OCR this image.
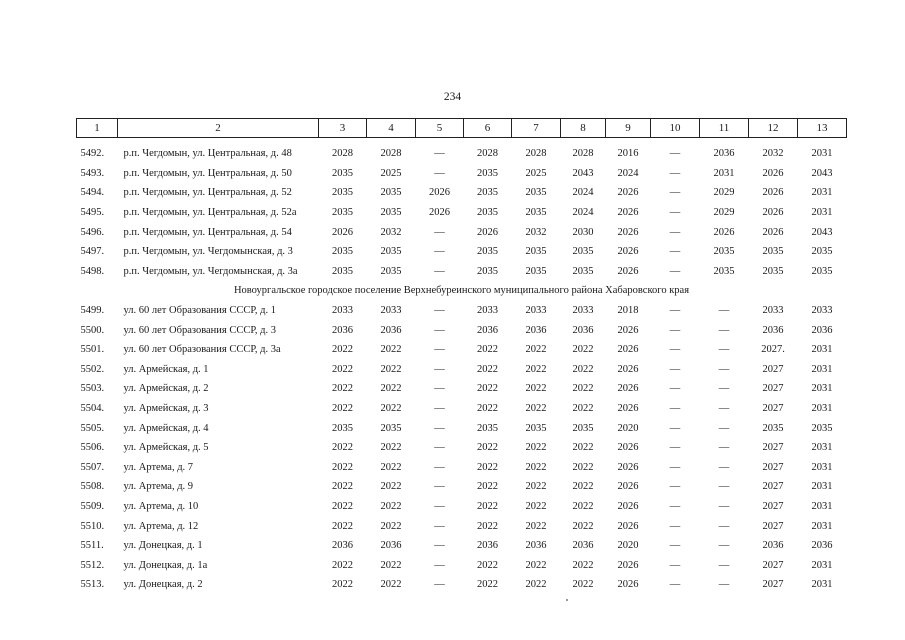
234
1	2	3	4	5	6	7	8	9	10	11	12	13
5492.	р.п. Чегдомын, ул. Центральная, д. 48	2028	2028	—	2028	2028	2028	2016	—	2036	2032	2031
5493.	р.п. Чегдомын, ул. Центральная, д. 50	2035	2025	—	2035	2025	2043	2024	—	2031	2026	2043
5494.	р.п. Чегдомын, ул. Центральная, д. 52	2035	2035	2026	2035	2035	2024	2026	—	2029	2026	2031
5495.	р.п. Чегдомын, ул. Центральная, д. 52а	2035	2035	2026	2035	2035	2024	2026	—	2029	2026	2031
5496.	р.п. Чегдомын, ул. Центральная, д. 54	2026	2032	—	2026	2032	2030	2026	—	2026	2026	2043
5497.	р.п. Чегдомын, ул. Чегдомынская, д. 3	2035	2035	—	2035	2035	2035	2026	—	2035	2035	2035
5498.	р.п. Чегдомын, ул. Чегдомынская, д. 3а	2035	2035	—	2035	2035	2035	2026	—	2035	2035	2035
Новоургальское городское поселение Верхнебуреинского муниципального района Хабаровского края												
5499.	ул. 60 лет Образования СССР, д. 1	2033	2033	—	2033	2033	2033	2018	—	—	2033	2033
5500.	ул. 60 лет Образования СССР, д. 3	2036	2036	—	2036	2036	2036	2026	—	—	2036	2036
5501.	ул. 60 лет Образования СССР, д. 3а	2022	2022	—	2022	2022	2022	2026	—	—	2027.	2031
5502.	ул. Армейская, д. 1	2022	2022	—	2022	2022	2022	2026	—	—	2027	2031
5503.	ул. Армейская, д. 2	2022	2022	—	2022	2022	2022	2026	—	—	2027	2031
5504.	ул. Армейская, д. 3	2022	2022	—	2022	2022	2022	2026	—	—	2027	2031
5505.	ул. Армейская, д. 4	2035	2035	—	2035	2035	2035	2020	—	—	2035	2035
5506.	ул. Армейская, д. 5	2022	2022	—	2022	2022	2022	2026	—	—	2027	2031
5507.	ул. Артема, д. 7	2022	2022	—	2022	2022	2022	2026	—	—	2027	2031
5508.	ул. Артема, д. 9	2022	2022	—	2022	2022	2022	2026	—	—	2027	2031
5509.	ул. Артема, д. 10	2022	2022	—	2022	2022	2022	2026	—	—	2027	2031
5510.	ул. Артема, д. 12	2022	2022	—	2022	2022	2022	2026	—	—	2027	2031
5511.	ул. Донецкая, д. 1	2036	2036	—	2036	2036	2036	2020	—	—	2036	2036
5512.	ул. Донецкая, д. 1а	2022	2022	—	2022	2022	2022	2026	—	—	2027	2031
5513.	ул. Донецкая, д. 2	2022	2022	—	2022	2022	2022	2026	—	—	2027	2031
